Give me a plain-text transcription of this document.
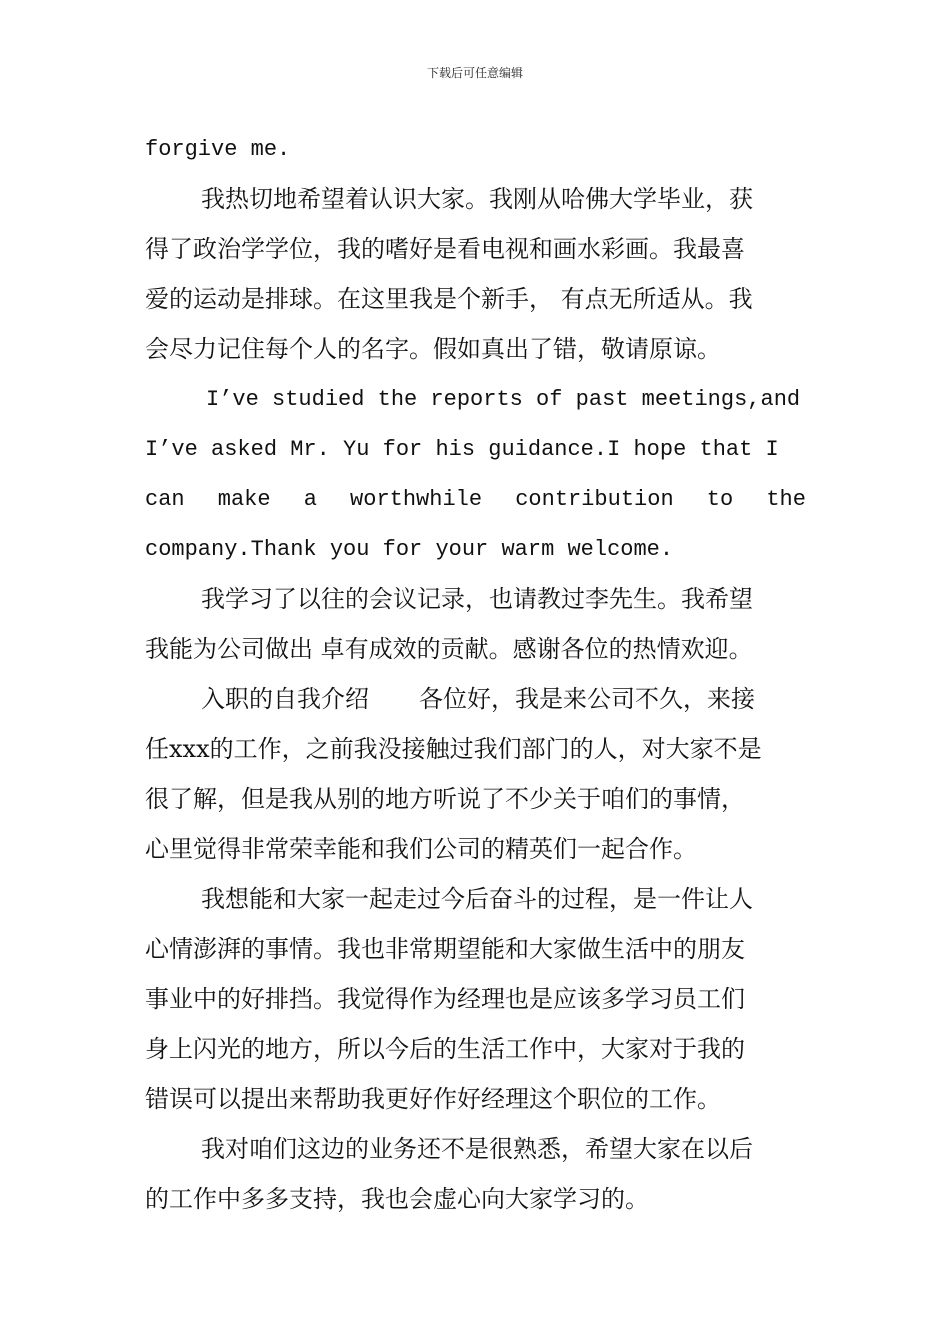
下载后可任意编辑
forgive me.
我热切地希望着认识大家。我刚从哈佛大学毕业，获
得了政治学学位，我的嗜好是看电视和画水彩画。我最喜
爱的运动是排球。在这里我是个新手， 有点无所适从。我
会尽力记住每个人的名字。假如真出了错，敬请原谅。
I’ve studied the reports of past meetings,and
I’ve asked Mr. Yu for his guidance.I hope that I
can make a worthwhile contribution to the
company.Thank you for your warm welcome.
我学习了以往的会议记录，也请教过李先生。我希望
我能为公司做出 卓有成效的贡献。感谢各位的热情欢迎。
入职的自我介绍 各位好，我是来公司不久，来接
任xxx的工作，之前我没接触过我们部门的人，对大家不是
很了解，但是我从别的地方听说了不少关于咱们的事情，
心里觉得非常荣幸能和我们公司的精英们一起合作。
我想能和大家一起走过今后奋斗的过程，是一件让人
心情澎湃的事情。我也非常期望能和大家做生活中的朋友
事业中的好排挡。我觉得作为经理也是应该多学习员工们
身上闪光的地方，所以今后的生活工作中，大家对于我的
错误可以提出来帮助我更好作好经理这个职位的工作。
我对咱们这边的业务还不是很熟悉，希望大家在以后
的工作中多多支持，我也会虚心向大家学习的。
